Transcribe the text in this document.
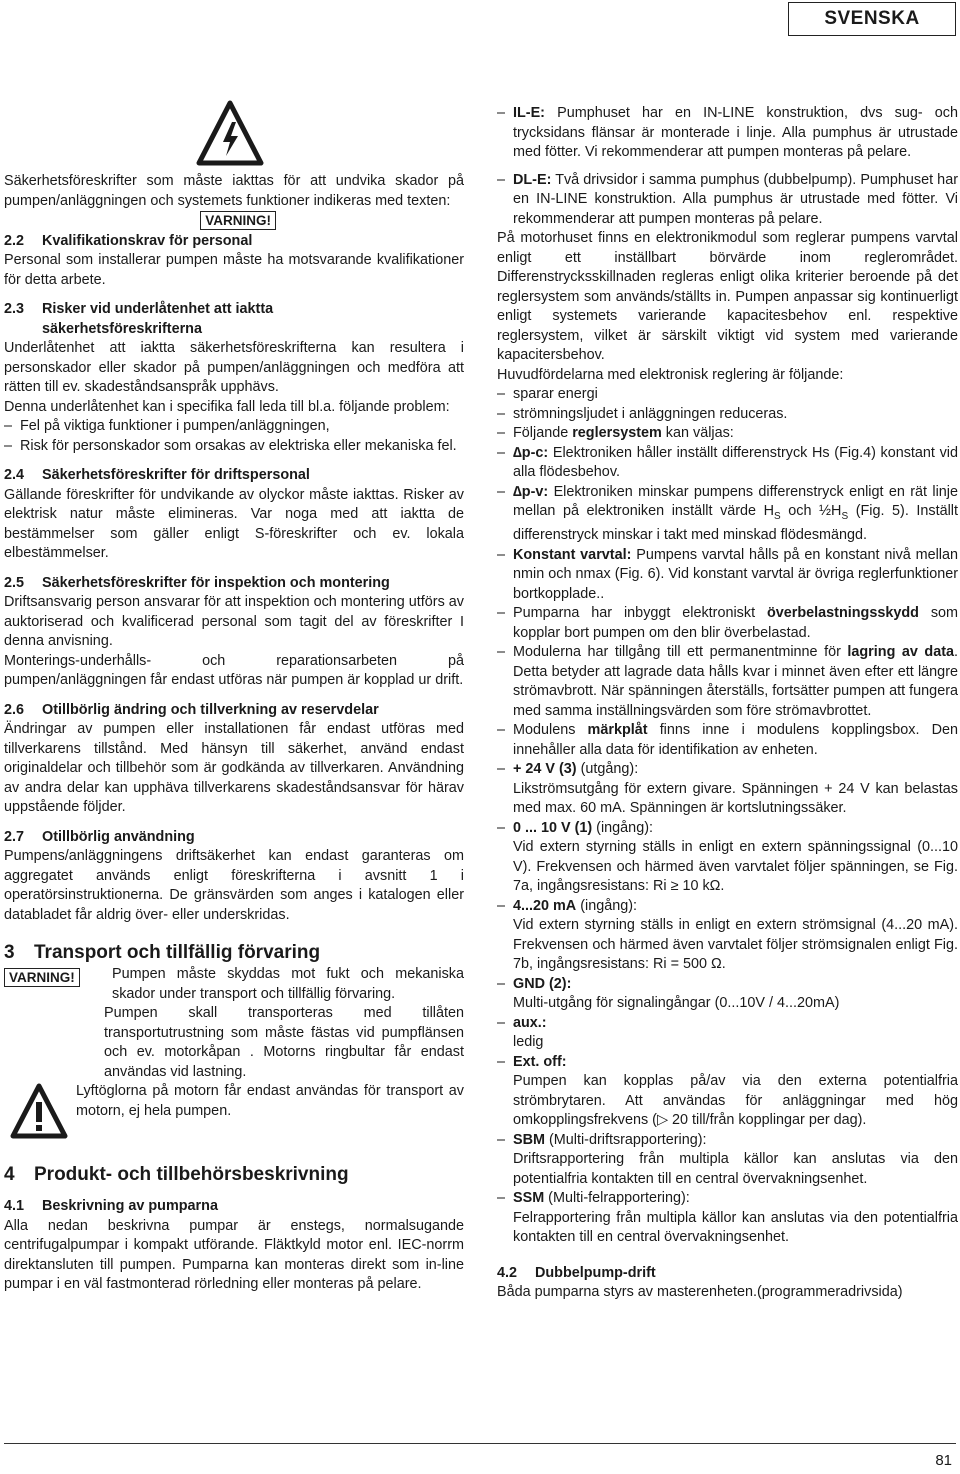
SVENSKA

Säkerhetsföreskrifter som måste iakttas för att undvika skador på pumpen/anläggningen och systemets funktioner indikeras med texten:

VARNING!

2.2 Kvalifikationskrav för personal

Personal som installerar pumpen måste ha motsvarande kvalifikationer för detta arbete.

2.3 Risker vid underlåtenhet att iaktta

säkerhetsföreskrifterna

Underlåtenhet att iaktta säkerhetsföreskrifterna kan resultera i personskador eller skador på pumpen/anläggningen och medföra att rätten till ev. skadeståndsanspråk upphävs.

Denna underlåtenhet kan i specifika fall leda till bl.a. följande problem:

– Fel på viktiga funktioner i pumpen/anläggningen,
– Risk för personskador som orsakas av elektriska eller mekaniska fel.

2.4 Säkerhetsföreskrifter för driftspersonal

Gällande föreskrifter för undvikande av olyckor måste iakttas. Risker av elektrisk natur måste elimineras. Var noga med att iaktta de bestämmelser som gäller enligt S-föreskrifter och ev. lokala elbestämmelser.

2.5 Säkerhetsföreskrifter för inspektion och montering

Driftsansvarig person ansvarar för att inspektion och montering utförs av auktoriserad och kvalificerad personal som tagit del av föreskrifter I denna anvisning.

Monterings-underhålls- och reparationsarbeten på pumpen/anläggningen får endast utföras när pumpen är kopplad ur drift.

2.6 Otillbörlig ändring och tillverkning av reservdelar

Ändringar av pumpen eller installationen får endast utföras med tillverkarens tillstånd. Med hänsyn till säkerhet, använd endast originaldelar och tillbehör som är godkända av tillverkaren. Användning av andra delar kan upphäva tillverkarens skadeståndsansvar för härav uppstående följder.

2.7 Otillbörlig användning

Pumpens/anläggningens driftsäkerhet kan endast garanteras om aggregatet används enligt föreskrifterna i avsnitt 1 i operatörsinstruktionerna. De gränsvärden som anges i katalogen eller databladet får aldrig över- eller underskridas.

3 Transport och tillfällig förvaring

VARNING!	Pumpen måste skyddas mot fukt och mekaniska skador under transport och tillfällig förvaring.

Pumpen skall transporteras med tillåten transportutrustning som måste fästas vid pumpflänsen och ev. motorkåpan . Motorns ringbultar får endast användas vid lastning.

Lyftöglorna på motorn får endast användas för transport av motorn, ej hela pumpen.

4 Produkt- och tillbehörsbeskrivning

4.1 Beskrivning av pumparna

Alla nedan beskrivna pumpar är enstegs, normalsugande centrifugalpumpar i kompakt utförande. Fläktkyld motor enl. IEC-norrm direktansluten till pumpen. Pumparna kan monteras direkt som in-line pumpar i en väl fastmonterad rörledning eller monteras på pelare.

– IL-E: Pumphuset har en IN-LINE konstruktion, dvs sug- och trycksidans flänsar är monterade i linje. Alla pumphus är utrustade med fötter. Vi rekommenderar att pumpen monteras på pelare.
– DL-E: Två drivsidor i samma pumphus (dubbelpump). Pumphuset har en IN-LINE konstruktion. Alla pumphus är utrustade med fötter. Vi rekommenderar att pumpen monteras på pelare.

På motorhuset finns en elektronikmodul som reglerar pumpens varvtal enligt ett inställbart börvärde inom reglerområdet. Differenstrycksskillnaden regleras enligt olika kriterier beroende på det reglersystem som används/ställts in. Pumpen anpassar sig kontinuerligt enligt systemets varierande kapacitesbehov enl. respektive reglersystem, vilket är särskilt viktigt vid system med varierande kapacitersbehov.

Huvudfördelarna med elektronisk reglering är följande:

– sparar energi
– strömningsljudet i anläggningen reduceras.
– Följande reglersystem kan väljas:
– ∆p-c: Elektroniken håller inställt differenstryck Hs (Fig.4) konstant vid alla flödesbehov.
– ∆p-v: Elektroniken minskar pumpens differenstryck enligt en rät linje mellan på elektroniken inställt värde $H_S$ och $\frac{1}{2}H_S$ (Fig. 5). Inställt differenstryck minskar i takt med minskad flödesmängd.
– Konstant varvtal: Pumpens varvtal hålls på en konstant nivå mellan nmin och nmax (Fig. 6). Vid konstant varvtal är övriga reglerfunktioner bortkopplade..
– Pumparna har inbyggt elektroniskt överbelastningsskydd som kopplar bort pumpen om den blir överbelastad.
– Modulerna har tillgång till ett permanentminne för lagring av data. Detta betyder att lagrade data hålls kvar i minnet även efter ett längre strömavbrott. När spänningen återställs, fortsätter pumpen att fungera med samma inställningsvärden som före strömavbrottet.
– Modulens märkplåt finns inne i modulens kopplingsbox. Den innehåller alla data för identifikation av enheten.
– + 24 V (3) (utgång):
Likströmsutgång för extern givare. Spänningen + 24 V kan belastas med max. 60 mA. Spänningen är kortslutningssäker.
– 0 ... 10 V (1) (ingång):
Vid extern styrning ställs in enligt en extern spänningssignal (0...10 V). Frekvensen och härmed även varvtalet följer spänningen, se Fig. 7a, ingångsresistans: Ri ≥ 10 kΩ.
– 4...20 mA (ingång):
Vid extern styrning ställs in enligt en extern strömsignal (4...20 mA). Frekvensen och härmed även varvtalet följer strömsignalen enligt Fig. 7b, ingångsresistans: Ri = 500 Ω.
– GND (2):
Multi-utgång för signalingångar (0...10V / 4...20mA)
– aux.:
ledig
– Ext. off:
Pumpen kan kopplas på/av via den externa potentialfria strömbrytaren. Att användas för anläggningar med hög omkopplingsfrekvens (▷ 20 till/från kopplingar per dag).
– SBM (Multi-driftsrapportering):
Driftsrapportering från multipla källor kan anslutas via den potentialfria kontakten till en central övervakningsenhet.
– SSM (Multi-felrapportering):
Felrapportering från multipla källor kan anslutas via den potentialfria kontakten till en central övervakningsenhet.

4.2 Dubbelpump-drift

Båda pumparna styrs av masterenheten.(programmeradrivsida)

81
